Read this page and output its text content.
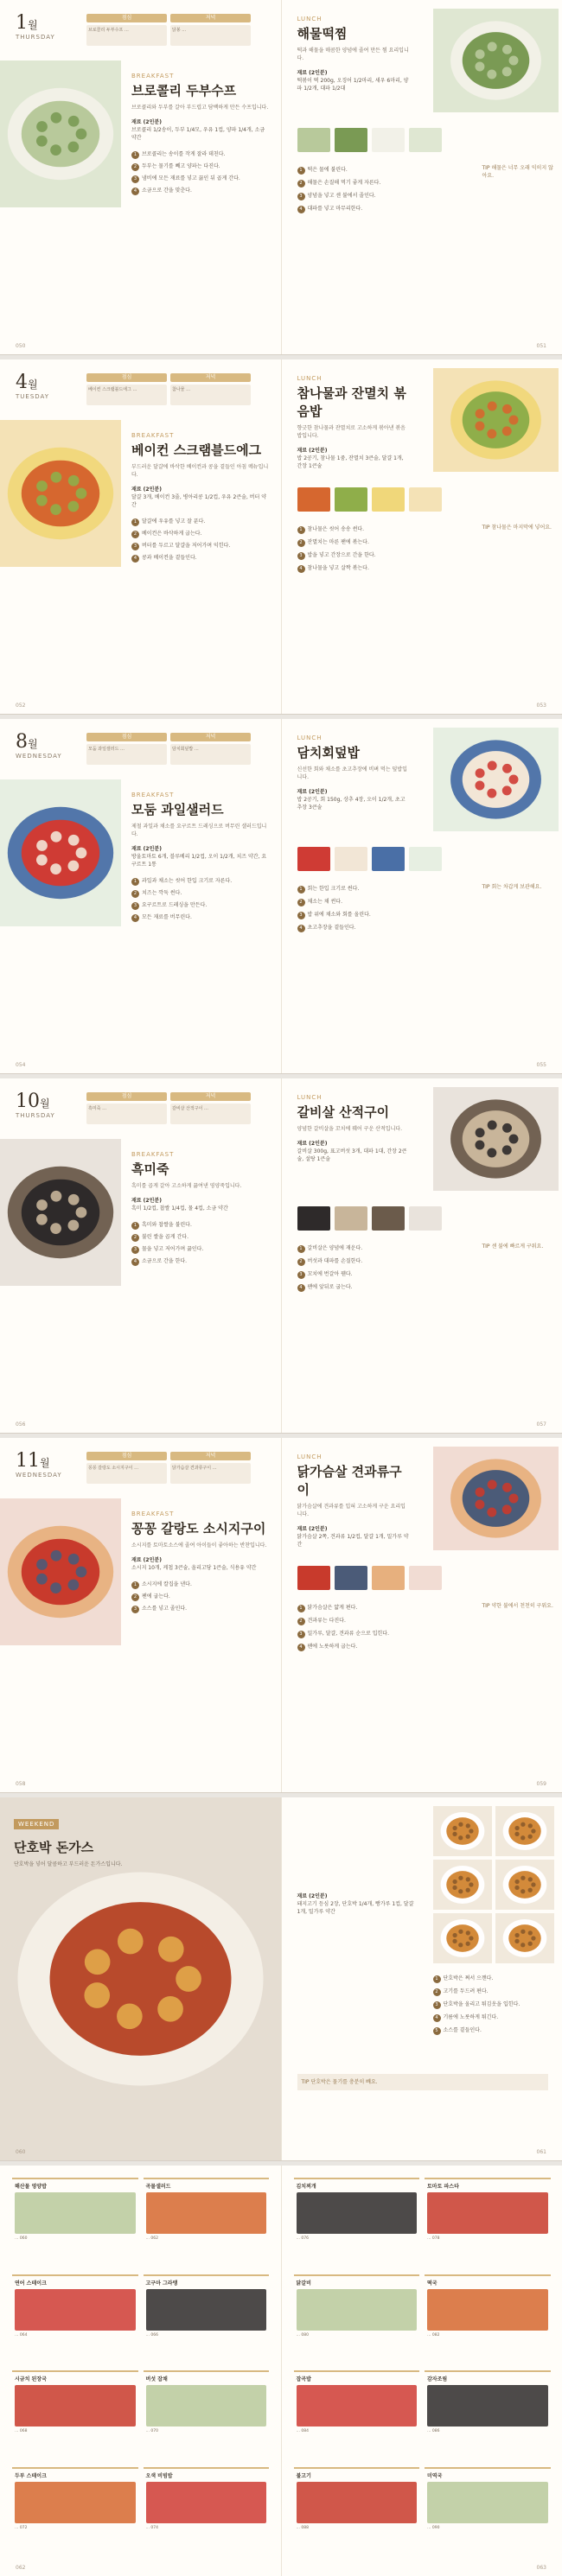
1월
THURSDAY
점심	저녁
브로콜리 두부수프 …	닭봉 …
BREAKFAST
브로콜리 두부수프
브로콜리와 두부를 갈아 부드럽고 담백하게 만든 수프입니다.
재료 (2인분)
브로콜리 1/2송이, 두부 1/4모, 우유 1컵, 양파 1/4개, 소금 약간
1 브로콜리는 송이를 작게 잘라 데친다.
2 두부는 물기를 빼고 양파는 다진다.
3 냄비에 모든 재료를 넣고 끓인 뒤 곱게 간다.
4 소금으로 간을 맞춘다.
050
LUNCH
해물떡찜
떡과 해물을 매콤한 양념에 졸여 만든 찜 요리입니다.
재료 (2인분)
떡볶이 떡 200g, 오징어 1/2마리, 새우 6마리, 양파 1/2개, 대파 1/2대
1 떡은 물에 불린다.
2 해물은 손질해 먹기 좋게 자른다.
3 양념을 넣고 센 불에서 졸인다.
4 대파를 넣고 마무리한다.
TIP 해물은 너무 오래 익히지 않아요.
051
4월
TUESDAY
점심	저녁
베이컨 스크램블드에그 …	참나물 …
BREAKFAST
베이컨 스크램블드에그
부드러운 달걀에 바삭한 베이컨과 콩을 곁들인 아침 메뉴입니다.
재료 (2인분)
달걀 3개, 베이컨 3줄, 병아리콩 1/2컵, 우유 2큰술, 버터 약간
1 달걀에 우유를 넣고 잘 푼다.
2 베이컨은 바삭하게 굽는다.
3 버터를 두르고 달걀을 저어가며 익힌다.
4 콩과 베이컨을 곁들인다.
052
LUNCH
참나물과 잔멸치 볶음밥
향긋한 참나물과 잔멸치로 고소하게 볶아낸 볶음밥입니다.
재료 (2인분)
밥 2공기, 참나물 1줌, 잔멸치 3큰술, 달걀 1개, 간장 1큰술
1 참나물은 씻어 송송 썬다.
2 잔멸치는 마른 팬에 볶는다.
3 밥을 넣고 간장으로 간을 한다.
4 참나물을 넣고 살짝 볶는다.
TIP 참나물은 마지막에 넣어요.
053
8월
WEDNESDAY
점심	저녁
모둠 과일샐러드 …	담치회덮밥 …
BREAKFAST
모둠 과일샐러드
제철 과일과 채소를 요구르트 드레싱으로 버무린 샐러드입니다.
재료 (2인분)
방울토마토 6개, 블루베리 1/2컵, 오이 1/2개, 치즈 약간, 요구르트 1통
1 과일과 채소는 씻어 한입 크기로 자른다.
2 치즈는 깍둑 썬다.
3 요구르트로 드레싱을 만든다.
4 모든 재료를 버무린다.
054
LUNCH
담치회덮밥
신선한 회와 채소를 초고추장에 비벼 먹는 덮밥입니다.
재료 (2인분)
밥 2공기, 회 150g, 상추 4장, 오이 1/2개, 초고추장 3큰술
1 회는 한입 크기로 썬다.
2 채소는 채 썬다.
3 밥 위에 채소와 회를 올린다.
4 초고추장을 곁들인다.
TIP 회는 차갑게 보관해요.
055
10월
THURSDAY
점심	저녁
흑미죽 …	갈비살 산적구이 …
BREAKFAST
흑미죽
흑미를 곱게 갈아 고소하게 끓여낸 영양죽입니다.
재료 (2인분)
흑미 1/2컵, 찹쌀 1/4컵, 물 4컵, 소금 약간
1 흑미와 찹쌀을 불린다.
2 불린 쌀을 곱게 간다.
3 물을 넣고 저어가며 끓인다.
4 소금으로 간을 한다.
056
LUNCH
갈비살 산적구이
양념한 갈비살을 꼬치에 꿰어 구운 산적입니다.
재료 (2인분)
갈비살 300g, 표고버섯 3개, 대파 1대, 간장 2큰술, 설탕 1큰술
1 갈비살은 양념에 재운다.
2 버섯과 대파를 손질한다.
3 꼬치에 번갈아 꿴다.
4 팬에 앞뒤로 굽는다.
TIP 센 불에 빠르게 구워요.
057
11월
WEDNESDAY
점심	저녁
꽁꽁 갈랑도 소시지구이 …	닭가슴살 견과류구이 …
BREAKFAST
꽁꽁 갈랑도 소시지구이
소시지를 토마토소스에 졸여 아이들이 좋아하는 반찬입니다.
재료 (2인분)
소시지 10개, 케첩 3큰술, 올리고당 1큰술, 식용유 약간
1 소시지에 칼집을 낸다.
2 팬에 굽는다.
3 소스를 넣고 졸인다.
058
LUNCH
닭가슴살 견과류구이
닭가슴살에 견과류를 입혀 고소하게 구운 요리입니다.
재료 (2인분)
닭가슴살 2쪽, 견과류 1/2컵, 달걀 1개, 밀가루 약간
1 닭가슴살은 얇게 편다.
2 견과류는 다진다.
3 밀가루, 달걀, 견과류 순으로 입힌다.
4 팬에 노릇하게 굽는다.
TIP 약한 불에서 천천히 구워요.
059
WEEKEND
단호박 돈가스
단호박을 넣어 달콤하고 부드러운 돈가스입니다.
060
재료 (2인분)
돼지고기 등심 2장, 단호박 1/4개, 빵가루 1컵, 달걀 1개, 밀가루 약간
1 단호박은 쪄서 으깬다.
2 고기를 두드려 편다.
3 단호박을 올리고 튀김옷을 입힌다.
4 기름에 노릇하게 튀긴다.
5 소스를 곁들인다.
TIP 단호박은 물기를 충분히 빼요.
061
해산물 영양밥
… 060
곡물샐러드
… 062
연어 스테이크
… 064
고구마 그라탱
… 066
시금치 된장국
… 068
버섯 잡채
… 070
두부 스테이크
… 072
오색 비빔밥
… 074
062
김치찌개
… 076
토마토 파스타
… 078
닭갈비
… 080
떡국
… 082
잡곡밥
… 084
감자조림
… 086
불고기
… 088
미역국
… 090
063
